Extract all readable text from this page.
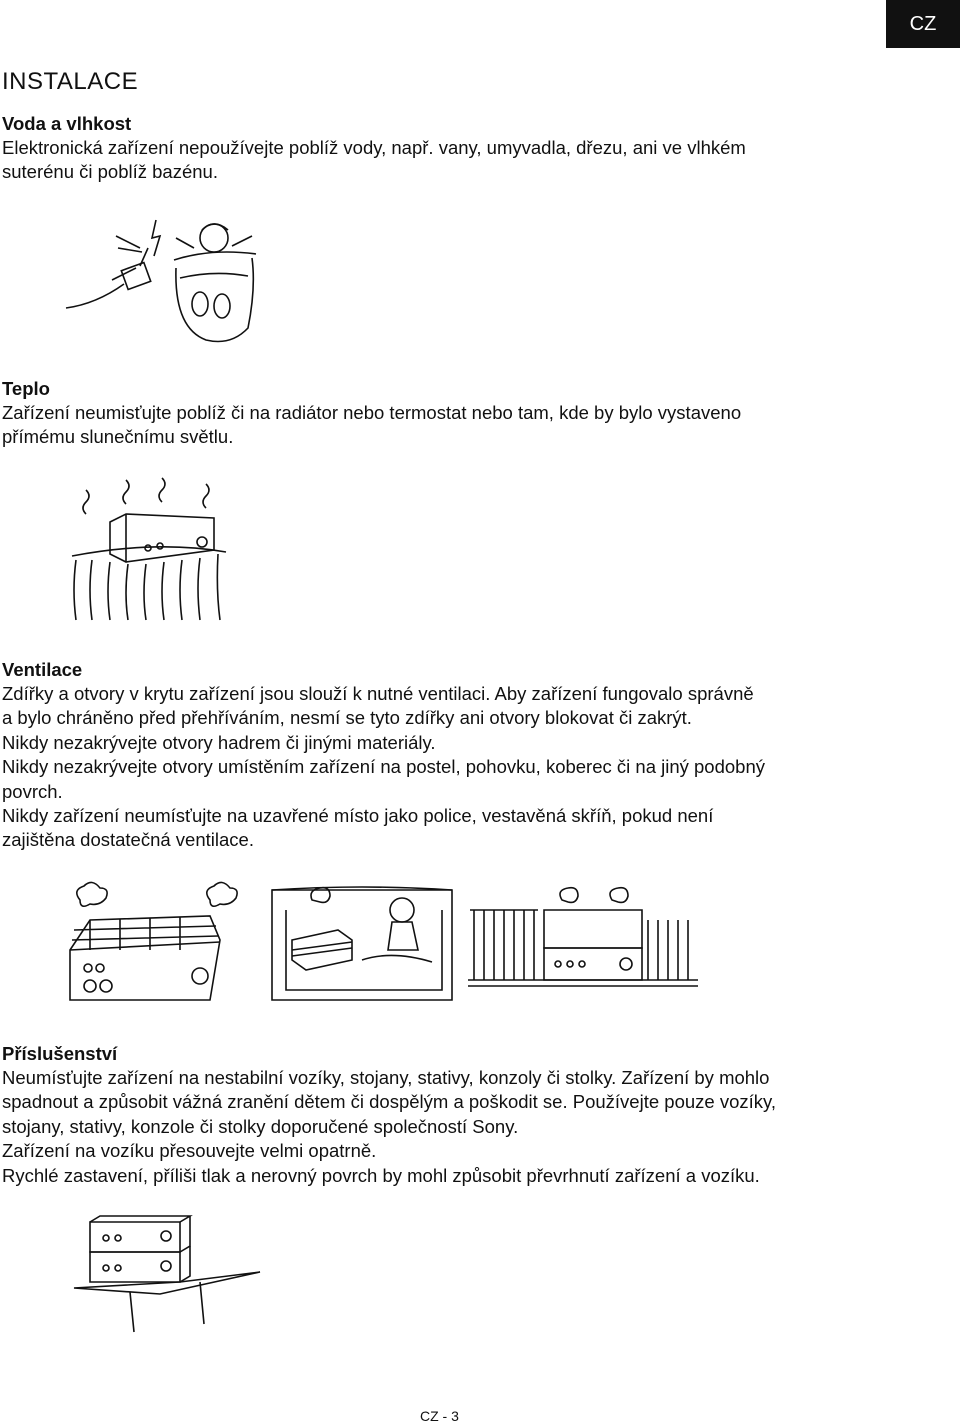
CZ
INSTALACE
Voda a vlhkost

Elektronická zařízení nepoužívejte poblíž vody, např. vany, umyvadla, dřezu, ani ve vlhkém

suterénu či poblíž bazénu.

Teplo

Zařízení neumisťujte poblíž či na radiátor nebo termostat nebo tam, kde by bylo vystaveno

přímému slunečnímu světlu.

Ventilace

Zdířky a otvory v krytu zařízení jsou slouží k nutné ventilaci. Aby zařízení fungovalo správně

a bylo chráněno před přehříváním, nesmí se tyto zdířky ani otvory blokovat či zakrýt.

Nikdy nezakrývejte otvory hadrem či jinými materiály.

Nikdy nezakrývejte otvory umístěním zařízení na postel, pohovku, koberec či na jiný podobný

povrch.

Nikdy zařízení neumísťujte na uzavřené místo jako police, vestavěná skříň, pokud není

zajištěna dostatečná ventilace.

Příslušenství

Neumísťujte zařízení na nestabilní vozíky, stojany, stativy, konzoly či stolky. Zařízení by mohlo

spadnout a způsobit vážná zranění dětem či dospělým a poškodit se. Používejte pouze vozíky,

stojany, stativy, konzole či stolky doporučené společností Sony.

Zařízení na vozíku přesouvejte velmi opatrně.

Rychlé zastavení, příliši tlak a nerovný povrch by mohl způsobit převrhnutí zařízení a vozíku.

CZ - 3
